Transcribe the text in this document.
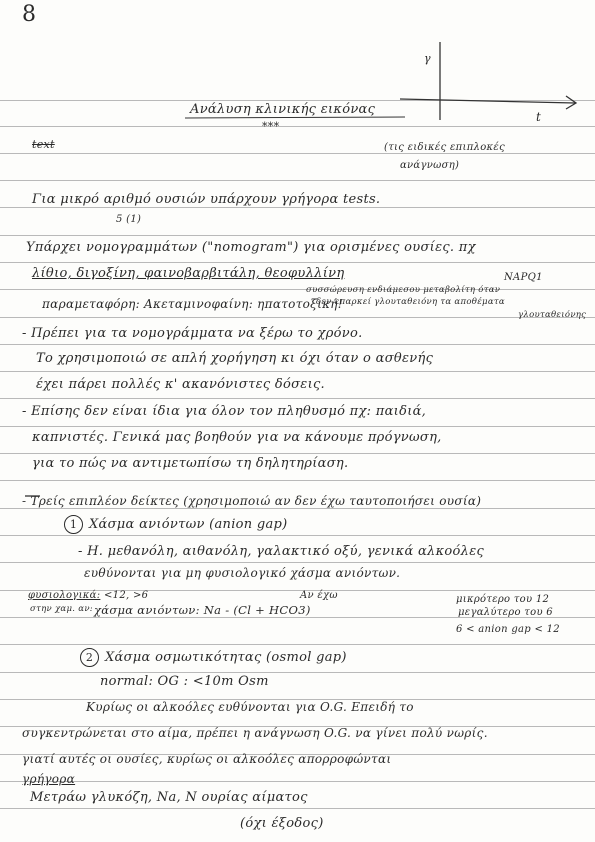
8
γ
t
Ανάλυση κλινικής εικόνας
***
text	(τις ειδικές επιπλοκές
ανάγνωση)
Για μικρό αριθμό ουσιών υπάρχουν γρήγορα tests.
5 (1)
Υπάρχει νομογραμμάτων ("nomogram") για ορισμένες ουσίες. πχ
λίθιο, διγοξίνη, φαινοβαρβιτάλη, θεοφυλλίνη	NAPQ1
συσσώρευση ενδιάμεσου μεταβολίτη όταν
δεν επαρκεί γλουταθειόνη τα αποθέματα
γλουταθειόνης
παραμεταφόρη: Ακεταμινοφαίνη: ηπατοτοξική!
- Πρέπει για τα νομογράμματα να ξέρω το χρόνο.
Το χρησιμοποιώ σε απλή χορήγηση κι όχι όταν ο ασθενής
έχει πάρει πολλές κ' ακανόνιστες δόσεις.
- Επίσης δεν είναι ίδια για όλον τον πληθυσμό πχ: παιδιά,
καπνιστές. Γενικά μας βοηθούν για να κάνουμε πρόγνωση,
για το πώς να αντιμετωπίσω τη δηλητηρίαση.
- Τρείς επιπλέον δείκτες (χρησιμοποιώ αν δεν έχω ταυτοποιήσει ουσία)
1 Χάσμα ανιόντων (anion gap)
- Η. μεθανόλη, αιθανόλη, γαλακτικό οξύ, γενικά αλκοόλες
ευθύνονται για μη φυσιολογικό χάσμα ανιόντων.
φυσιολογικά: <12, >6	Αν έχω
στην χαμ. αν: χάσμα ανιόντων: Na - (Cl + HCO3)
μικρότερο του 12
μεγαλύτερο του 6
6 < anion gap < 12
2 Χάσμα οσμωτικότητας (osmol gap)
normal: OG : <10m Osm
Κυρίως οι αλκοόλες ευθύνονται για O.G. Επειδή το
συγκεντρώνεται στο αίμα, πρέπει η ανάγνωση O.G. να γίνει πολύ νωρίς.
γιατί αυτές οι ουσίες, κυρίως οι αλκοόλες απορροφώνται
γρήγορα
Μετράω γλυκόζη, Na, N ουρίας αίματος
(όχι έξοδος)
